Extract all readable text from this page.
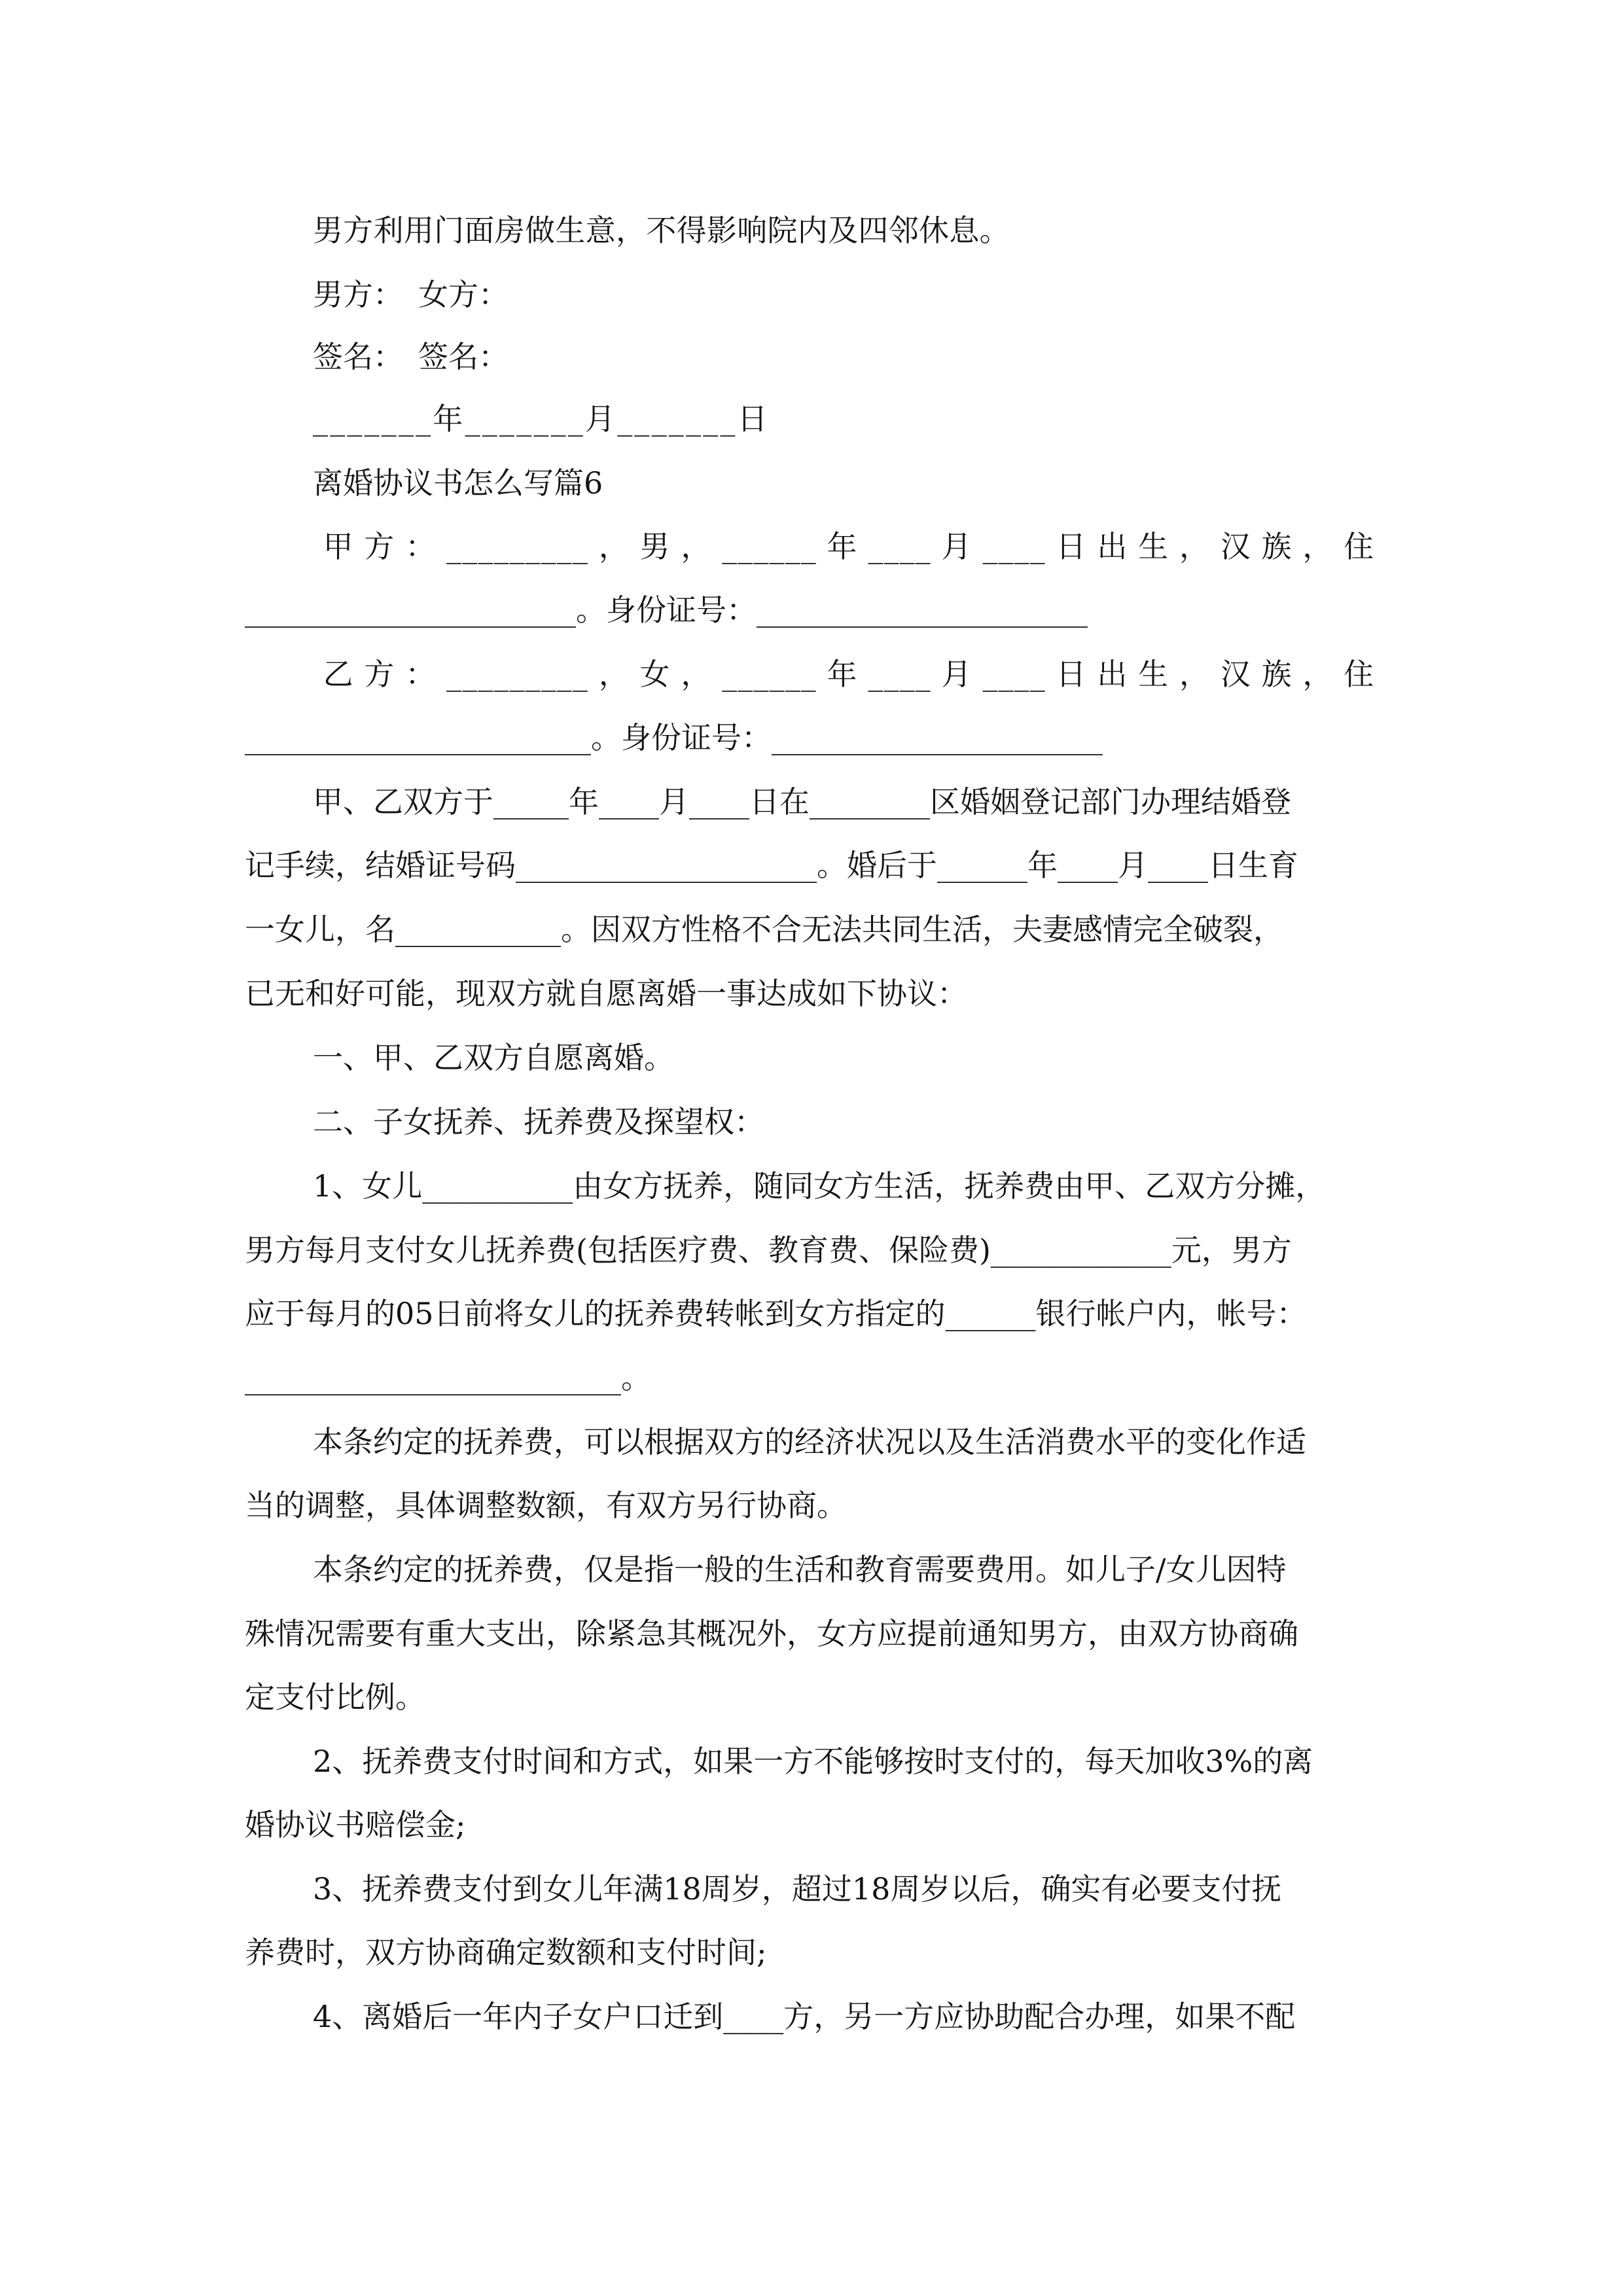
男方利用门面房做生意，不得影响院内及四邻休息。
男方：　女方：
签名：　签名：
_______年_______月_______日
离婚协议书怎么写篇6
甲 方 ： _________ ， 男 ， ______ 年 ____ 月 ____ 日 出 生 ， 汉 族 ， 住
______________________。身份证号：______________________
乙 方 ： _________ ， 女 ， ______ 年 ____ 月 ____ 日 出 生 ， 汉 族 ， 住
_______________________。身份证号：______________________
甲、乙双方于_____年____月____日在________区婚姻登记部门办理结婚登
记手续，结婚证号码____________________。婚后于______年____月____日生育
一女儿，名___________。因双方性格不合无法共同生活，夫妻感情完全破裂，
已无和好可能，现双方就自愿离婚一事达成如下协议：
一、甲、乙双方自愿离婚。
二、子女抚养、抚养费及探望权：
1、女儿__________由女方抚养，随同女方生活，抚养费由甲、乙双方分摊，
男方每月支付女儿抚养费(包括医疗费、教育费、保险费)____________元，男方
应于每月的05日前将女儿的抚养费转帐到女方指定的______银行帐户内，帐号：
_________________________。
本条约定的抚养费，可以根据双方的经济状况以及生活消费水平的变化作适
当的调整，具体调整数额，有双方另行协商。
本条约定的抚养费，仅是指一般的生活和教育需要费用。如儿子/女儿因特
殊情况需要有重大支出，除紧急其概况外，女方应提前通知男方，由双方协商确
定支付比例。
2、抚养费支付时间和方式，如果一方不能够按时支付的，每天加收3%的离
婚协议书赔偿金;
3、抚养费支付到女儿年满18周岁，超过18周岁以后，确实有必要支付抚
养费时，双方协商确定数额和支付时间;
4、离婚后一年内子女户口迁到____方，另一方应协助配合办理，如果不配
